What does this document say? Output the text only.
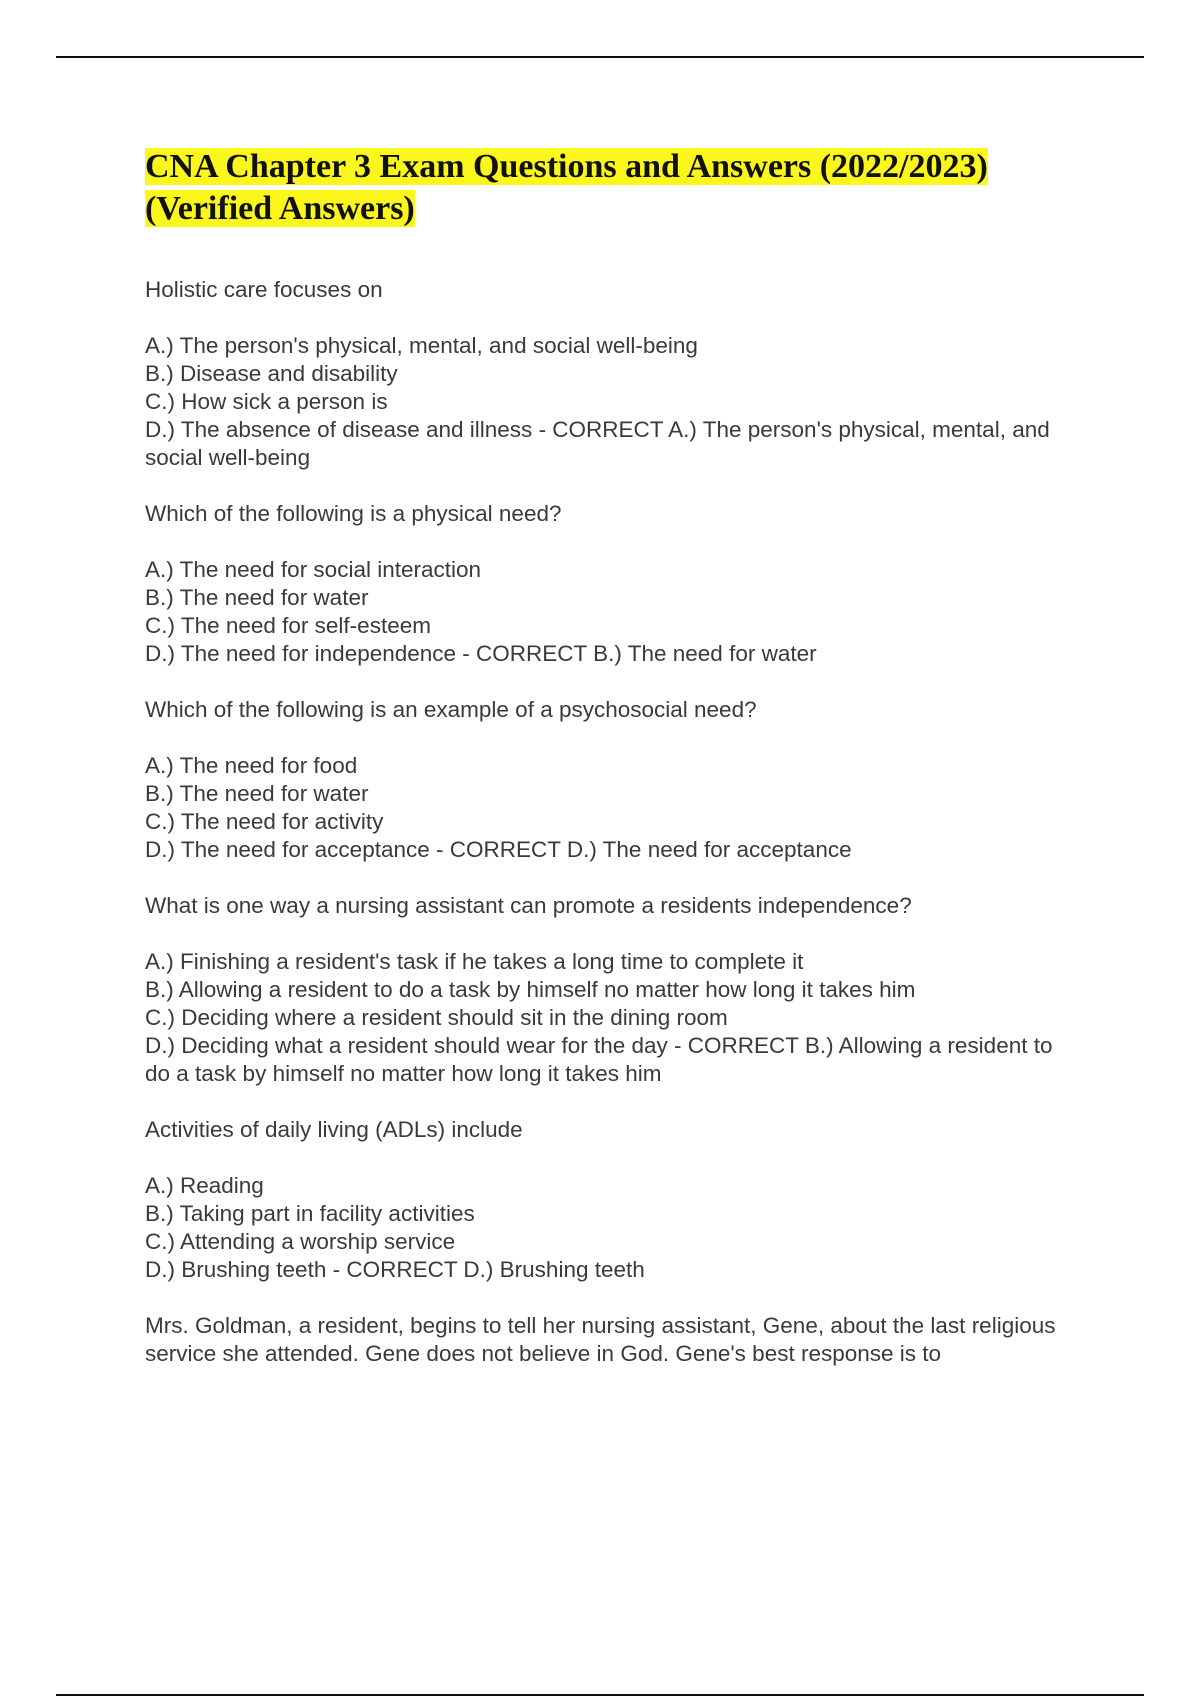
CNA Chapter 3 Exam Questions and Answers (2022/2023)
(Verified Answers)

Holistic care focuses on

A.) The person's physical, mental, and social well-being

B.) Disease and disability

C.) How sick a person is

D.) The absence of disease and illness - CORRECT A.) The person's physical, mental, and social well-being

Which of the following is a physical need?

A.) The need for social interaction

B.) The need for water

C.) The need for self-esteem

D.) The need for independence - CORRECT B.) The need for water

Which of the following is an example of a psychosocial need?

A.) The need for food

B.) The need for water

C.) The need for activity

D.) The need for acceptance - CORRECT D.) The need for acceptance

What is one way a nursing assistant can promote a residents independence?

A.) Finishing a resident's task if he takes a long time to complete it

B.) Allowing a resident to do a task by himself no matter how long it takes him

C.) Deciding where a resident should sit in the dining room

D.) Deciding what a resident should wear for the day - CORRECT B.) Allowing a resident to do a task by himself no matter how long it takes him

Activities of daily living (ADLs) include

A.) Reading

B.) Taking part in facility activities

C.) Attending a worship service

D.) Brushing teeth - CORRECT D.) Brushing teeth

Mrs. Goldman, a resident, begins to tell her nursing assistant, Gene, about the last religious service she attended. Gene does not believe in God. Gene's best response is to
